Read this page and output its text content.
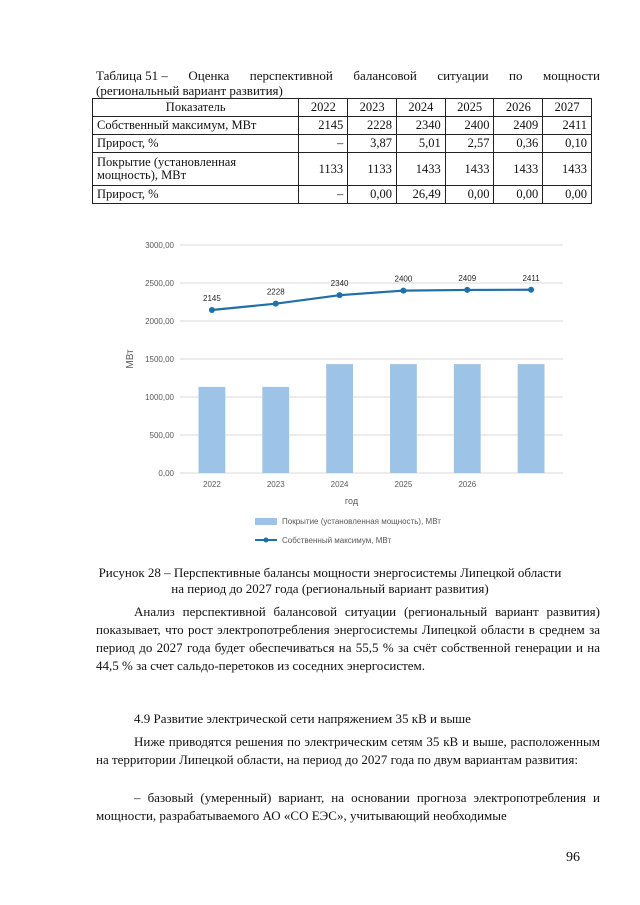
Таблица 51 – Оценка перспективной балансовой ситуации по мощности
(региональный вариант развития)
Показатель	2022	2023	2024	2025	2026	2027
Собственный максимум, МВт	2145	2228	2340	2400	2409	2411
Прирост, %	–	3,87	5,01	2,57	0,36	0,10
Покрытие (установленная мощность), МВт	1133	1133	1433	1433	1433	1433
Прирост, %	–	0,00	26,49	0,00	0,00	0,00
0,00
500,00
1000,00
1500,00
2000,00
2500,00
3000,00
МВт
2022	2023	2024	2025	2026
год
2145
2228
2340
2400	2409	2411
Покрытие (установленная мощность), МВт
Собственный максимум, МВт
Рисунок 28 – Перспективные балансы мощности энергосистемы Липецкой области
на период до 2027 года (региональный вариант развития)
Анализ перспективной балансовой ситуации (региональный вариант развития) показывает, что рост электропотребления энергосистемы Липецкой области в среднем за период до 2027 года будет обеспечиваться на 55,5 % за счёт собственной генерации и на 44,5 % за счет сальдо-перетоков из соседних энергосистем.
4.9 Развитие электрической сети напряжением 35 кВ и выше
Ниже приводятся решения по электрическим сетям 35 кВ и выше, расположенным на территории Липецкой области, на период до 2027 года по двум вариантам развития:
– базовый (умеренный) вариант, на основании прогноза электропотребления и мощности, разрабатываемого АО «СО ЕЭС», учитывающий необходимые
96
